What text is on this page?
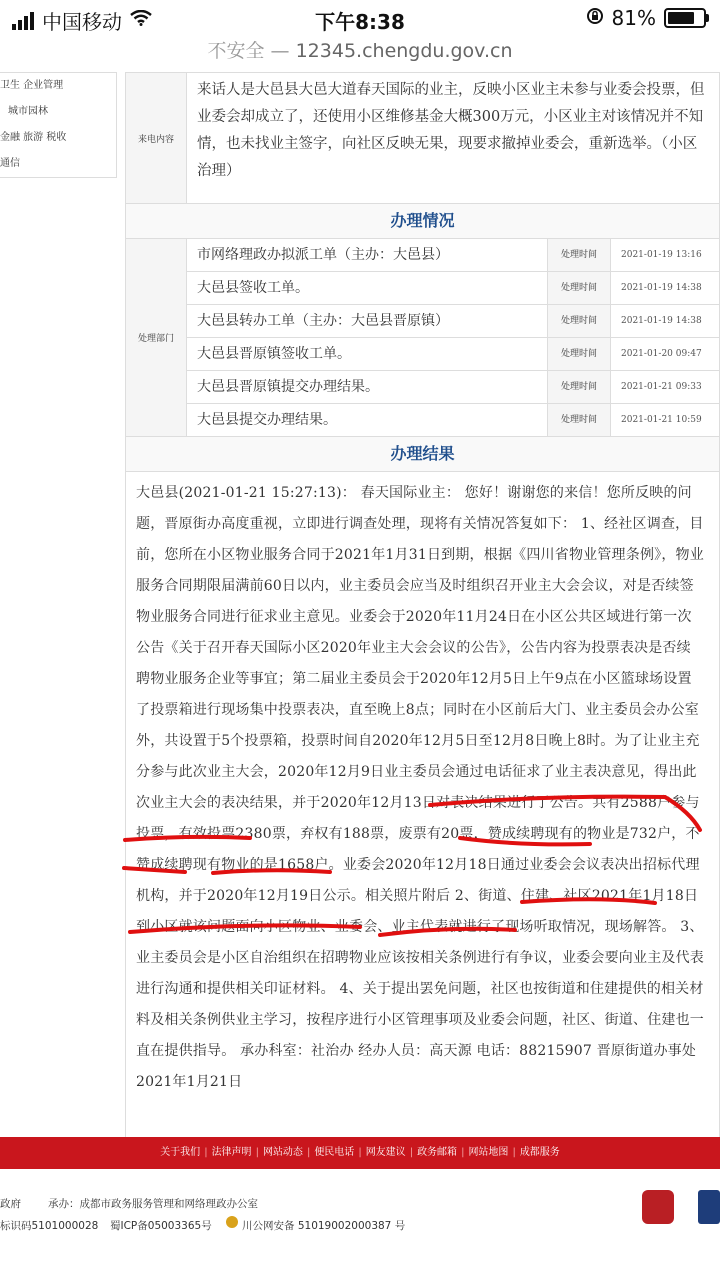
中国移动	下午8:38	81%
不安全 — 12345.chengdu.gov.cn
卫生 企业管理
城市园林
金融 旅游 税收
通信
来电内容
来话人是大邑县大邑大道春天国际的业主，反映小区业主未参与业委会投票，但业委会却成立了，还使用小区维修基金大概300万元，小区业主对该情况并不知情，也未找业主签字，向社区反映无果，现要求撤掉业委会，重新选举。（小区治理）
办理情况
处理部门
市网络理政办拟派工单（主办：大邑县）	处理时间	2021-01-19 13:16
大邑县签收工单。	处理时间	2021-01-19 14:38
大邑县转办工单（主办：大邑县晋原镇）	处理时间	2021-01-19 14:38
大邑县晋原镇签收工单。	处理时间	2021-01-20 09:47
大邑县晋原镇提交办理结果。	处理时间	2021-01-21 09:33
大邑县提交办理结果。	处理时间	2021-01-21 10:59
办理结果
大邑县(2021-01-21 15:27:13)： 春天国际业主： 您好！谢谢您的来信！您所反映的问题，晋原街办高度重视，立即进行调查处理，现将有关情况答复如下： 1、经社区调查，目前，您所在小区物业服务合同于2021年1月31日到期，根据《四川省物业管理条例》，物业服务合同期限届满前60日以内，业主委员会应当及时组织召开业主大会会议，对是否续签物业服务合同进行征求业主意见。业委会于2020年11月24日在小区公共区域进行第一次公告《关于召开春天国际小区2020年业主大会会议的公告》，公告内容为投票表决是否续聘物业服务企业等事宜；第二届业主委员会于2020年12月5日上午9点在小区篮球场设置了投票箱进行现场集中投票表决，直至晚上8点；同时在小区前后大门、业主委员会办公室外，共设置于5个投票箱，投票时间自2020年12月5日至12月8日晚上8时。为了让业主充分参与此次业主大会，2020年12月9日业主委员会通过电话征求了业主表决意见，得出此次业主大会的表决结果，并于2020年12月13日对表决结果进行了公告。共有2588户参与投票，有效投票2380票，弃权有188票，废票有20票，赞成续聘现有的物业是732户，不赞成续聘现有物业的是1658户。业委会2020年12月18日通过业委会会议表决出招标代理机构，并于2020年12月19日公示。相关照片附后 2、街道、住建、社区2021年1月18日到小区就该问题面向小区物业、业委会、业主代表就进行了现场听取情况，现场解答。 3、业主委员会是小区自治组织在招聘物业应该按相关条例进行有争议，业委会要向业主及代表进行沟通和提供相关印证材料。 4、关于提出罢免问题，社区也按街道和住建提供的相关材料及相关条例供业主学习，按程序进行小区管理事项及业委会问题，社区、街道、住建也一直在提供指导。 承办科室：社治办 经办人员：高天源 电话：88215907 晋原街道办事处 2021年1月21日
关于我们 | 法律声明 | 网站动态 | 便民电话 | 网友建议 | 政务邮箱 | 网站地图 | 成都服务
政府	承办：成都市政务服务管理和网络理政办公室
标识码5101000028 蜀ICP备05003365号	川公网安备 51019002000387 号
